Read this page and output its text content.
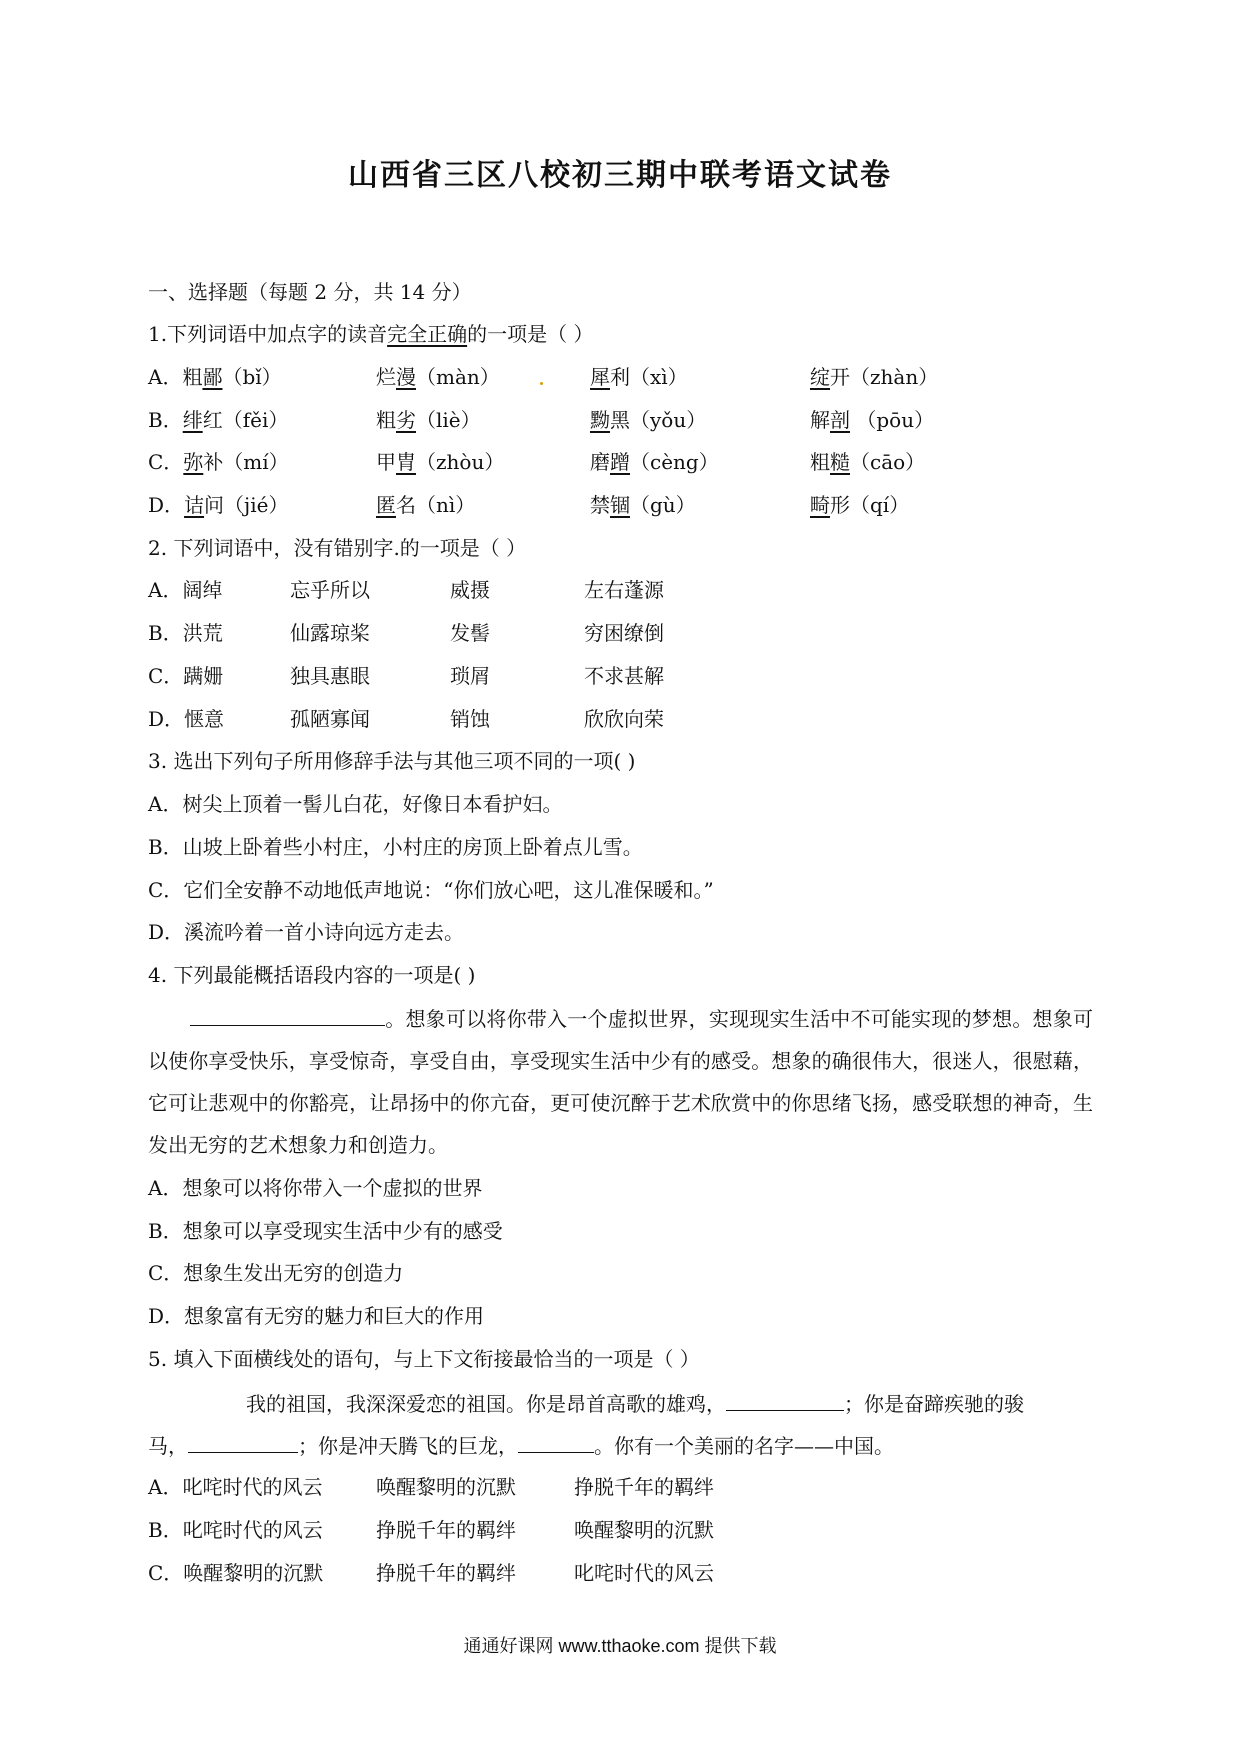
山西省三区八校初三期中联考语文试卷
一、选择题（每题 2 分，共 14 分）
1.下列词语中加点字的读音完全正确的一项是（ ）
A．粗鄙（bǐ）	烂漫（màn）	犀利（xì）	绽开（zhàn）
B．绯红（fěi）	粗劣（liè）	黝黑（yǒu）	解剖 （pōu）
C．弥补（mí）	甲胄（zhòu）	磨蹭（cèng）	粗糙（cāo）
D．诘问（jié）	匿名（nì）	禁锢（gù）	畸形（qí）
2. 下列词语中，没有错别字.的一项是（ ）
A．阔绰	忘乎所以	威摄	左右蓬源
B．洪荒	仙露琼桨	发髻	穷困缭倒
C．蹒姗	独具惠眼	琐屑	不求甚解
D．惬意	孤陋寡闻	销蚀	欣欣向荣
3. 选出下列句子所用修辞手法与其他三项不同的一项( )
A．树尖上顶着一髻儿白花，好像日本看护妇。
B．山坡上卧着些小村庄，小村庄的房顶上卧着点儿雪。
C．它们全安静不动地低声地说：“你们放心吧，这儿准保暖和。”
D．溪流吟着一首小诗向远方走去。
4. 下列最能概括语段内容的一项是( )
。想象可以将你带入一个虚拟世界，实现现实生活中不可能实现的梦想。想象可以使你享受快乐，享受惊奇，享受自由，享受现实生活中少有的感受。想象的确很伟大，很迷人，很慰藉，它可让悲观中的你豁亮，让昂扬中的你亢奋，更可使沉醉于艺术欣赏中的你思绪飞扬，感受联想的神奇，生发出无穷的艺术想象力和创造力。
A．想象可以将你带入一个虚拟的世界
B．想象可以享受现实生活中少有的感受
C．想象生发出无穷的创造力
D．想象富有无穷的魅力和巨大的作用
5. 填入下面横线处的语句，与上下文衔接最恰当的一项是（ ）
我的祖国，我深深爱恋的祖国。你是昂首高歌的雄鸡，	；你是奋蹄疾驰的骏
马，	；你是冲天腾飞的巨龙，	。你有一个美丽的名字——中国。
A．叱咤时代的风云	唤醒黎明的沉默	挣脱千年的羁绊
B．叱咤时代的风云	挣脱千年的羁绊	唤醒黎明的沉默
C．唤醒黎明的沉默	挣脱千年的羁绊	叱咤时代的风云
通通好课网 www.tthaoke.com 提供下载
